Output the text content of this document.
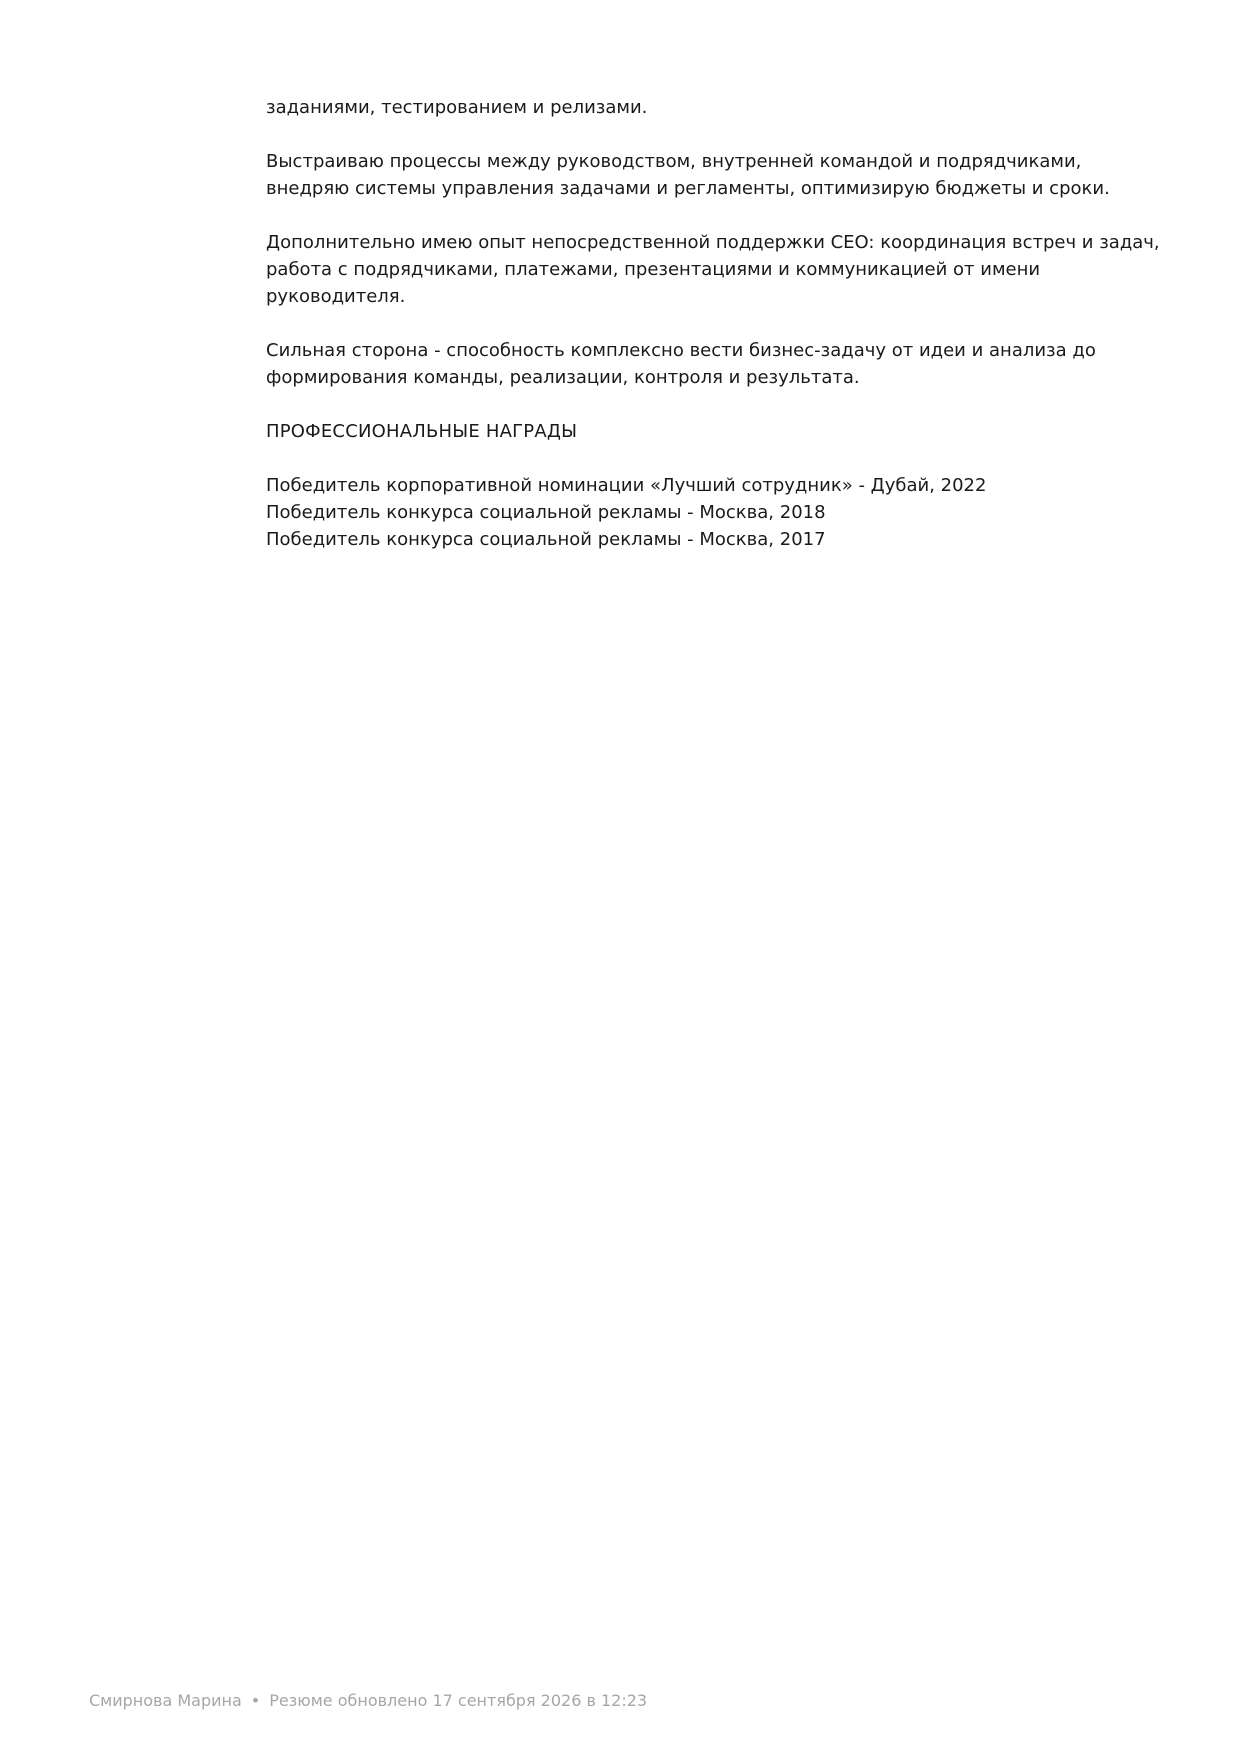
заданиями, тестированием и релизами.

Выстраиваю процессы между руководством, внутренней командой и подрядчиками, внедряю системы управления задачами и регламенты, оптимизирую бюджеты и сроки.

Дополнительно имею опыт непосредственной поддержки CEO: координация встреч и задач, работа с подрядчиками, платежами, презентациями и коммуникацией от имени руководителя.

Сильная сторона - способность комплексно вести бизнес-задачу от идеи и анализа до формирования команды, реализации, контроля и результата.

ПРОФЕССИОНАЛЬНЫЕ НАГРАДЫ
Победитель корпоративной номинации «Лучший сотрудник» - Дубай, 2022
Победитель конкурса социальной рекламы - Москва, 2018
Победитель конкурса социальной рекламы - Москва, 2017
Смирнова Марина • Резюме обновлено 17 сентября 2026 в 12:23
